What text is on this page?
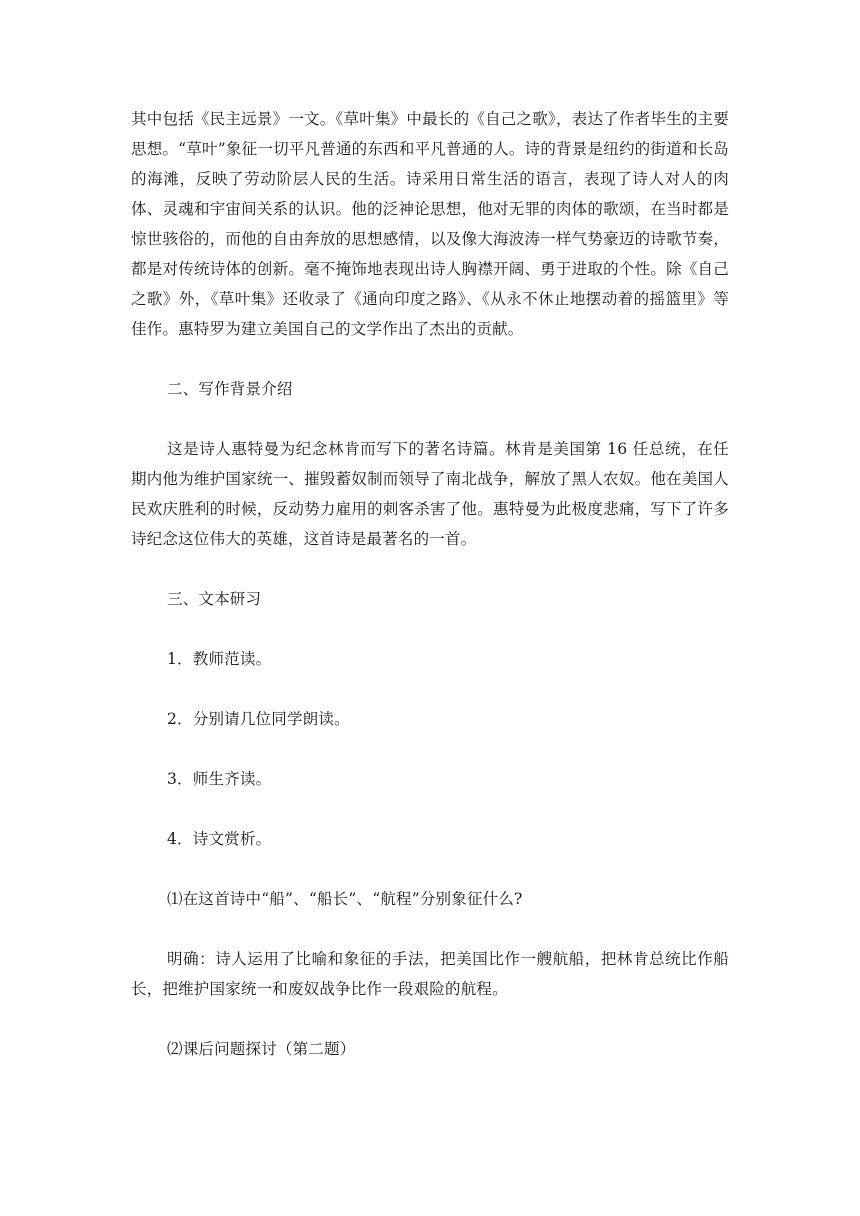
其中包括《民主远景》一文。《草叶集》中最长的《自己之歌》，表达了作者毕生的主要思想。“草叶”象征一切平凡普通的东西和平凡普通的人。诗的背景是纽约的街道和长岛的海滩，反映了劳动阶层人民的生活。诗采用日常生活的语言，表现了诗人对人的肉体、灵魂和宇宙间关系的认识。他的泛神论思想，他对无罪的肉体的歌颂，在当时都是惊世骇俗的，而他的自由奔放的思想感情，以及像大海波涛一样气势豪迈的诗歌节奏，都是对传统诗体的创新。毫不掩饰地表现出诗人胸襟开阔、勇于进取的个性。除《自己之歌》外，《草叶集》还收录了《通向印度之路》、《从永不休止地摆动着的摇篮里》等佳作。惠特罗为建立美国自己的文学作出了杰出的贡献。

二、写作背景介绍

这是诗人惠特曼为纪念林肯而写下的著名诗篇。林肯是美国第 16 任总统，在任期内他为维护国家统一、摧毁蓄奴制而领导了南北战争，解放了黑人农奴。他在美国人民欢庆胜利的时候，反动势力雇用的刺客杀害了他。惠特曼为此极度悲痛，写下了许多诗纪念这位伟大的英雄，这首诗是最著名的一首。

三、文本研习

1．教师范读。

2．分别请几位同学朗读。

3．师生齐读。

4．诗文赏析。

⑴在这首诗中“船”、“船长”、“航程”分别象征什么?

明确：诗人运用了比喻和象征的手法，把美国比作一艘航船，把林肯总统比作船长，把维护国家统一和废奴战争比作一段艰险的航程。

⑵课后问题探讨（第二题）
